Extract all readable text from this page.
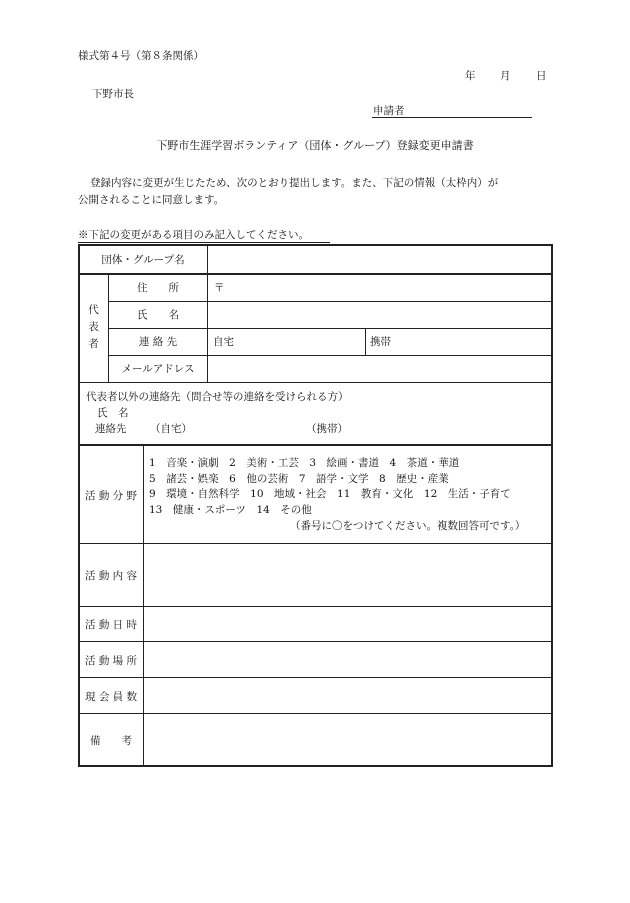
様式第４号（第８条関係）
年 月 日
下野市長
申請者
下野市生涯学習ボランティア（団体・グループ）登録変更申請書
登録内容に変更が生じたため、次のとおり提出します。また、下記の情報（太枠内）が
公開されることに同意します。
※下記の変更がある項目のみ記入してください。
団体・グループ名
代
表
者
住　　所	〒
氏　　名
連 絡 先	自宅	携帯
メールアドレス
代表者以外の連絡先（問合せ等の連絡を受けられる方）
氏　名
連絡先 （自宅）	（携帯）
活 動 分 野
1　音楽・演劇　2　美術・工芸　3　絵画・書道　4　茶道・華道
5　諸芸・娯楽　6　他の芸術　7　語学・文学　8　歴史・産業
9　環境・自然科学　10　地域・社会　11　教育・文化　12　生活・子育て
13　健康・スポーツ　14　その他
（番号に〇をつけてください。複数回答可です。）
活 動 内 容
活 動 日 時
活 動 場 所
現 会 員 数
備　　考
